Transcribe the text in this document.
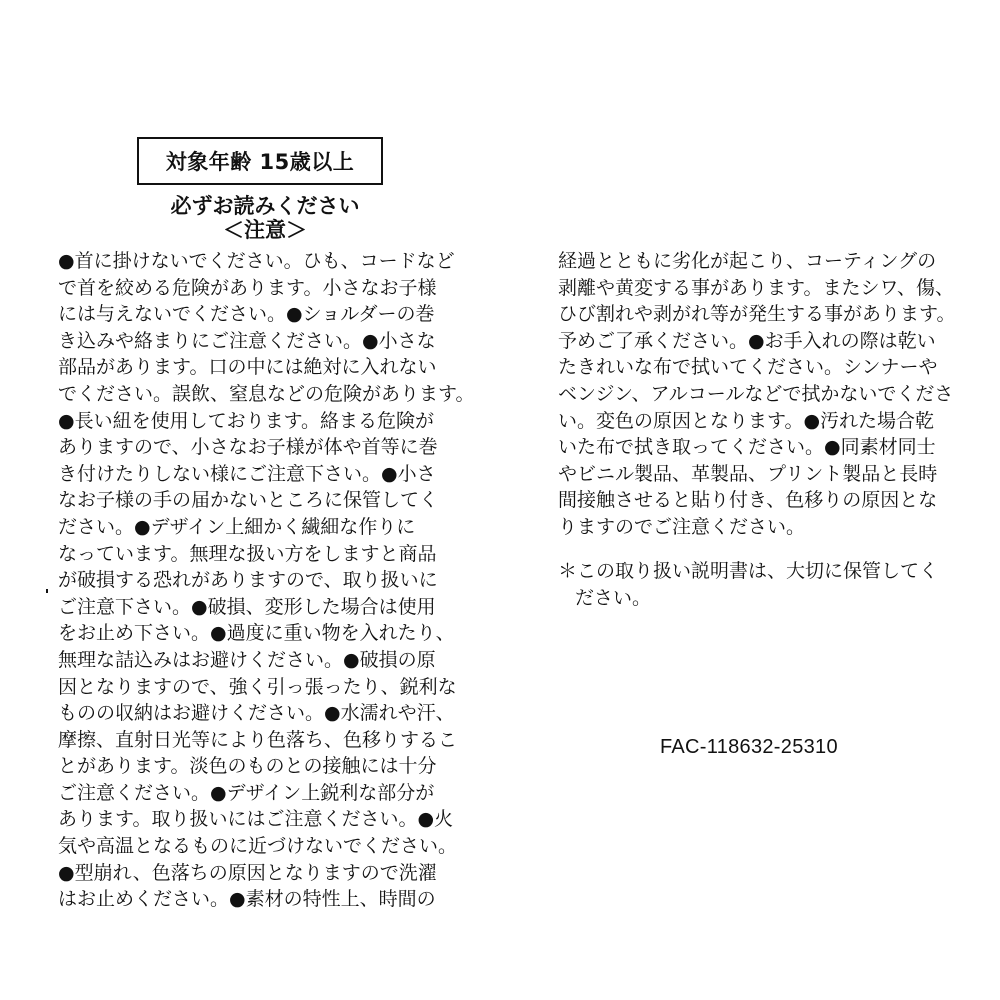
対象年齢 15歳以上
必ずお読みください
＜注意＞
●首に掛けないでください。ひも、コードなど
で首を絞める危険があります。小さなお子様
には与えないでください。●ショルダーの巻
き込みや絡まりにご注意ください。●小さな
部品があります。口の中には絶対に入れない
でください。誤飲、窒息などの危険があります。
●長い紐を使用しております。絡まる危険が
ありますので、小さなお子様が体や首等に巻
き付けたりしない様にご注意下さい。●小さ
なお子様の手の届かないところに保管してく
ださい。●デザイン上細かく繊細な作りに
なっています。無理な扱い方をしますと商品
が破損する恐れがありますので、取り扱いに
ご注意下さい。●破損、変形した場合は使用
をお止め下さい。●過度に重い物を入れたり、
無理な詰込みはお避けください。●破損の原
因となりますので、強く引っ張ったり、鋭利な
ものの収納はお避けください。●水濡れや汗、
摩擦、直射日光等により色落ち、色移りするこ
とがあります。淡色のものとの接触には十分
ご注意ください。●デザイン上鋭利な部分が
あります。取り扱いにはご注意ください。●火
気や高温となるものに近づけないでください。
●型崩れ、色落ちの原因となりますので洗濯
はお止めください。●素材の特性上、時間の
経過とともに劣化が起こり、コーティングの
剥離や黄変する事があります。またシワ、傷、
ひび割れや剥がれ等が発生する事があります。
予めご了承ください。●お手入れの際は乾い
たきれいな布で拭いてください。シンナーや
ベンジン、アルコールなどで拭かないでくださ
い。変色の原因となります。●汚れた場合乾
いた布で拭き取ってください。●同素材同士
やビニル製品、革製品、プリント製品と長時
間接触させると貼り付き、色移りの原因とな
りますのでご注意ください。
＊この取り扱い説明書は、大切に保管してく
ださい。
FAC-118632-25310
